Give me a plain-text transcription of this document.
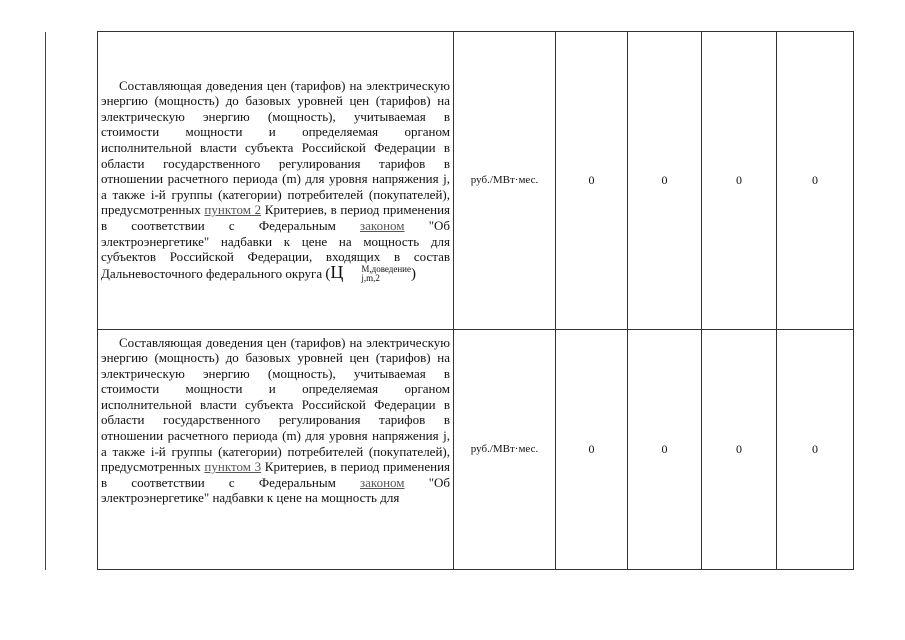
Составляющая доведения цен (тарифов) на электрическую энергию (мощность) до базовых уровней цен (тарифов) на электрическую энергию (мощность), учитываемая в стоимости мощности и определяемая органом исполнительной власти субъекта Российской Федерации в области государственного регулирования тарифов в отношении расчетного периода (m) для уровня напряжения j, а также i-й группы (категории) потребителей (покупателей), предусмотренных пунктом 2 Критериев, в период применения в соответствии с Федеральным законом "Об электроэнергетике" надбавки к цене на мощность для субъектов Российской Федерации, входящих в состав Дальневосточного федерального округа (Ц М,доведение
j,m,2 )	руб./МВт·мес.	0	0	0	0

Составляющая доведения цен (тарифов) на электрическую энергию (мощность) до базовых уровней цен (тарифов) на электрическую энергию (мощность), учитываемая в стоимости мощности и определяемая органом исполнительной власти субъекта Российской Федерации в области государственного регулирования тарифов в отношении расчетного периода (m) для уровня напряжения j, а также i-й группы (категории) потребителей (покупателей), предусмотренных пунктом 3 Критериев, в период применения в соответствии с Федеральным законом "Об электроэнергетике" надбавки к цене на мощность для	руб./МВт·мес.	0	0	0	0
